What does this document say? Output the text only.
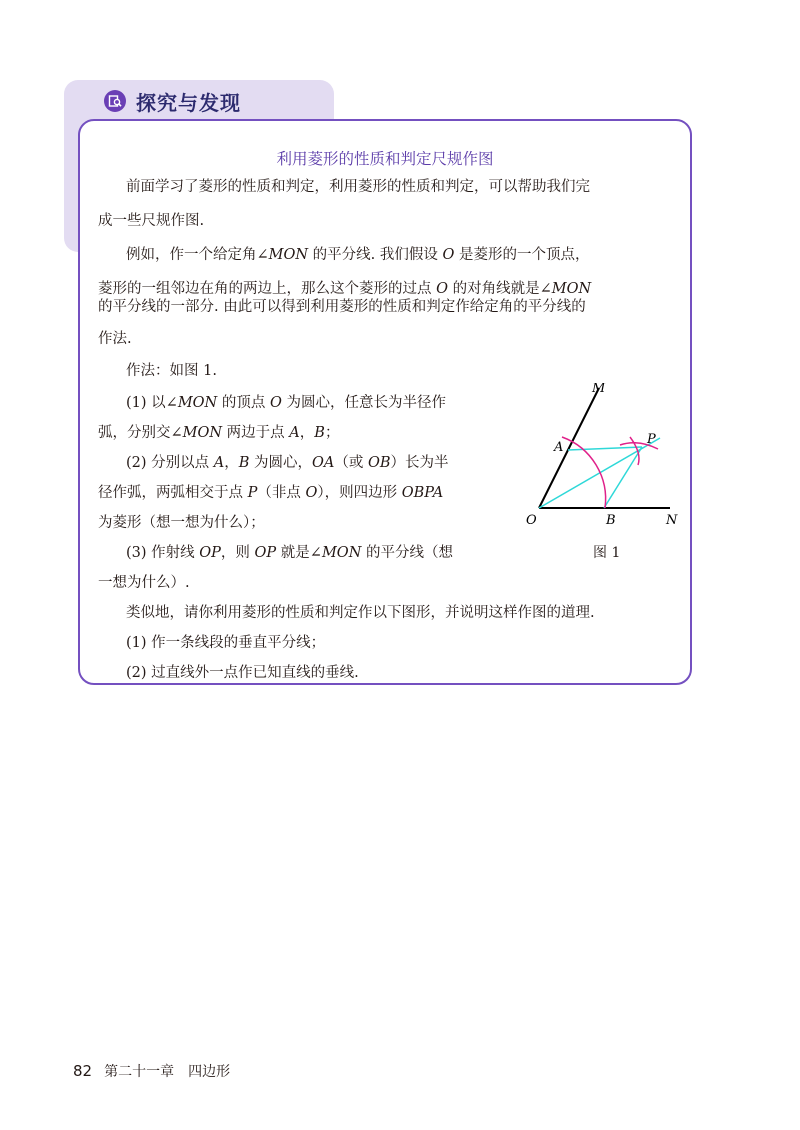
探究与发现
利用菱形的性质和判定尺规作图
前面学习了菱形的性质和判定，利用菱形的性质和判定，可以帮助我们完
成一些尺规作图.
例如，作一个给定角∠MON 的平分线. 我们假设 O 是菱形的一个顶点，
菱形的一组邻边在角的两边上，那么这个菱形的过点 O 的对角线就是∠MON
的平分线的一部分. 由此可以得到利用菱形的性质和判定作给定角的平分线的
作法.
作法：如图 1.
(1) 以∠MON 的顶点 O 为圆心，任意长为半径作
弧，分别交∠MON 两边于点 A，B；
(2) 分别以点 A，B 为圆心，OA（或 OB）长为半
径作弧，两弧相交于点 P（非点 O），则四边形 OBPA
为菱形（想一想为什么）；
(3) 作射线 OP，则 OP 就是∠MON 的平分线（想
一想为什么）.
类似地，请你利用菱形的性质和判定作以下图形，并说明这样作图的道理.
(1) 作一条线段的垂直平分线；
(2) 过直线外一点作已知直线的垂线.
M
A
P
O	B	N
图 1
82 第二十一章　四边形
